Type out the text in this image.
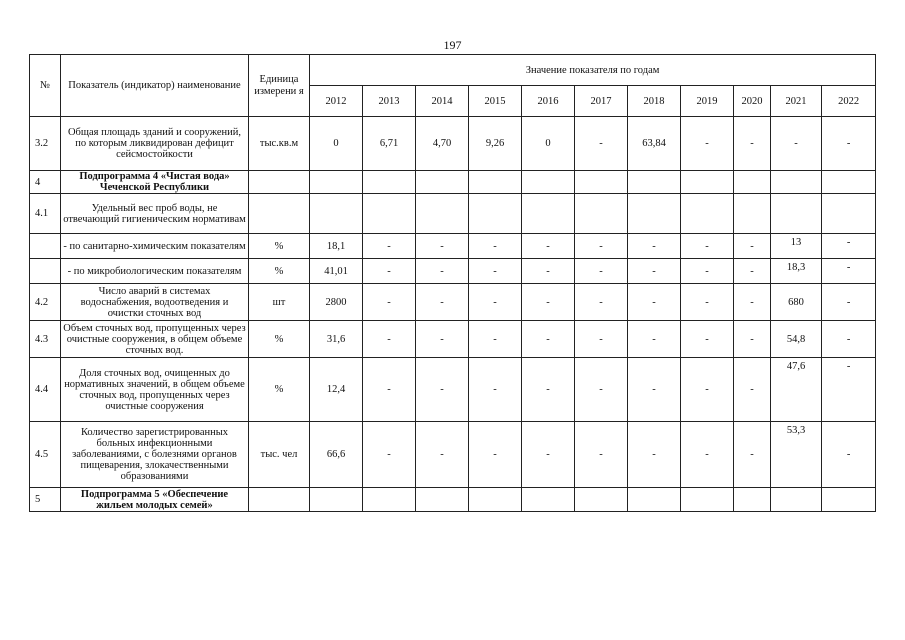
197
№	Показатель (индикатор) наименование	Единица измерени я	Значение показателя по годам										
			2012	2013	2014	2015	2016	2017	2018	2019	2020	2021	2022
3.2	Общая площадь зданий и сооружений, по которым ликвидирован дефицит сейсмостойкости	тыс.кв.м	0	6,71	4,70	9,26	0	-	63,84	-	-	-	-
4	Подпрограмма 4 «Чистая вода» Чеченской Республики												
4.1	Удельный вес проб воды, не отвечающий гигиеническим нормативам												
	- по санитарно-химическим показателям	%	18,1	-	-	-	-	-	-	-	-	13	-
	- по микробиологическим показателям	%	41,01	-	-	-	-	-	-	-	-	18,3	-
4.2	Число аварий в системах водоснабжения, водоотведения и очистки сточных вод	шт	2800	-	-	-	-	-	-	-	-	680	-
4.3	Объем сточных вод, пропущенных через очистные сооружения, в общем объеме сточных вод.	%	31,6	-	-	-	-	-	-	-	-	54,8	-
4.4	Доля сточных вод, очищенных до нормативных значений, в общем объеме сточных вод, пропущенных через очистные сооружения	%	12,4	-	-	-	-	-	-	-	-	47,6	-
4.5	Количество зарегистрированных больных инфекционными заболеваниями, с болезнями органов пищеварения, злокачественными образованиями	тыс. чел	66,6	-	-	-	-	-	-	-	-	53,3	-
5	Подпрограмма 5 «Обеспечение жильем молодых семей»												
